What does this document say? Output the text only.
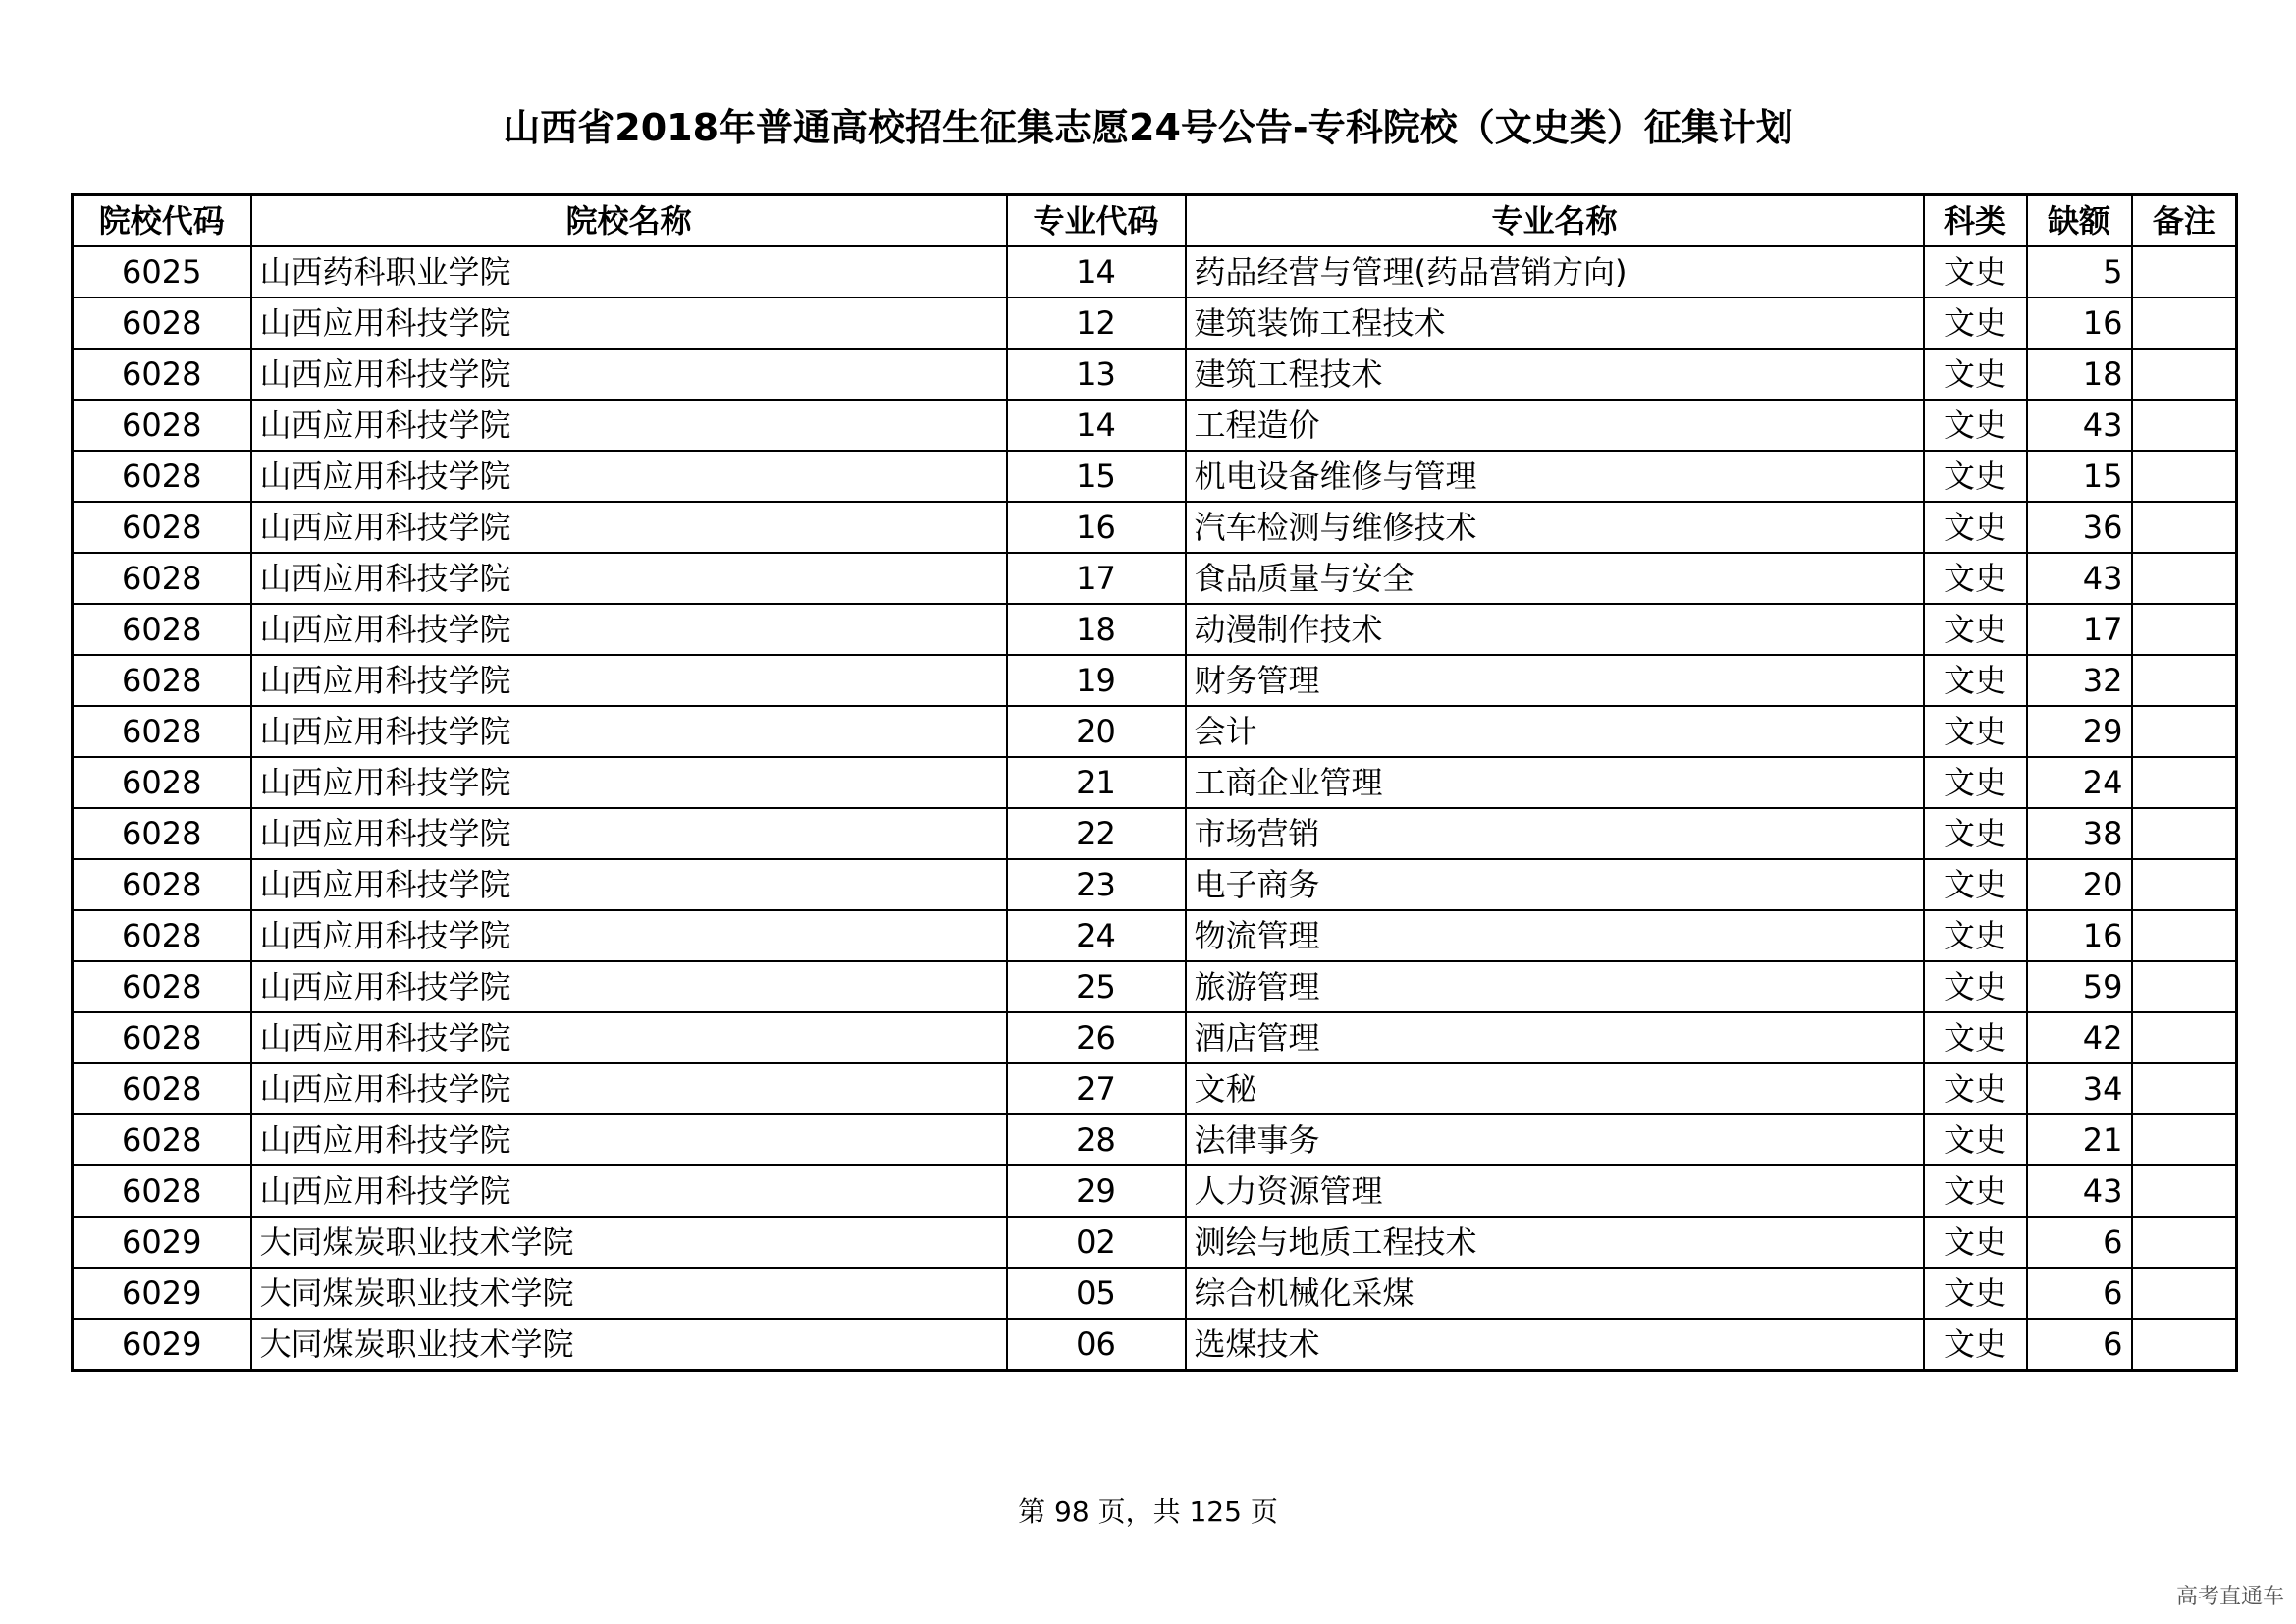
山西省2018年普通高校招生征集志愿24号公告-专科院校（文史类）征集计划
院校代码	院校名称	专业代码	专业名称	科类	缺额	备注
6025	山西药科职业学院	14	药品经营与管理(药品营销方向)	文史	5	
6028	山西应用科技学院	12	建筑装饰工程技术	文史	16	
6028	山西应用科技学院	13	建筑工程技术	文史	18	
6028	山西应用科技学院	14	工程造价	文史	43	
6028	山西应用科技学院	15	机电设备维修与管理	文史	15	
6028	山西应用科技学院	16	汽车检测与维修技术	文史	36	
6028	山西应用科技学院	17	食品质量与安全	文史	43	
6028	山西应用科技学院	18	动漫制作技术	文史	17	
6028	山西应用科技学院	19	财务管理	文史	32	
6028	山西应用科技学院	20	会计	文史	29	
6028	山西应用科技学院	21	工商企业管理	文史	24	
6028	山西应用科技学院	22	市场营销	文史	38	
6028	山西应用科技学院	23	电子商务	文史	20	
6028	山西应用科技学院	24	物流管理	文史	16	
6028	山西应用科技学院	25	旅游管理	文史	59	
6028	山西应用科技学院	26	酒店管理	文史	42	
6028	山西应用科技学院	27	文秘	文史	34	
6028	山西应用科技学院	28	法律事务	文史	21	
6028	山西应用科技学院	29	人力资源管理	文史	43	
6029	大同煤炭职业技术学院	02	测绘与地质工程技术	文史	6	
6029	大同煤炭职业技术学院	05	综合机械化采煤	文史	6	
6029	大同煤炭职业技术学院	06	选煤技术	文史	6	
第 98 页，共 125 页
高考直通车
